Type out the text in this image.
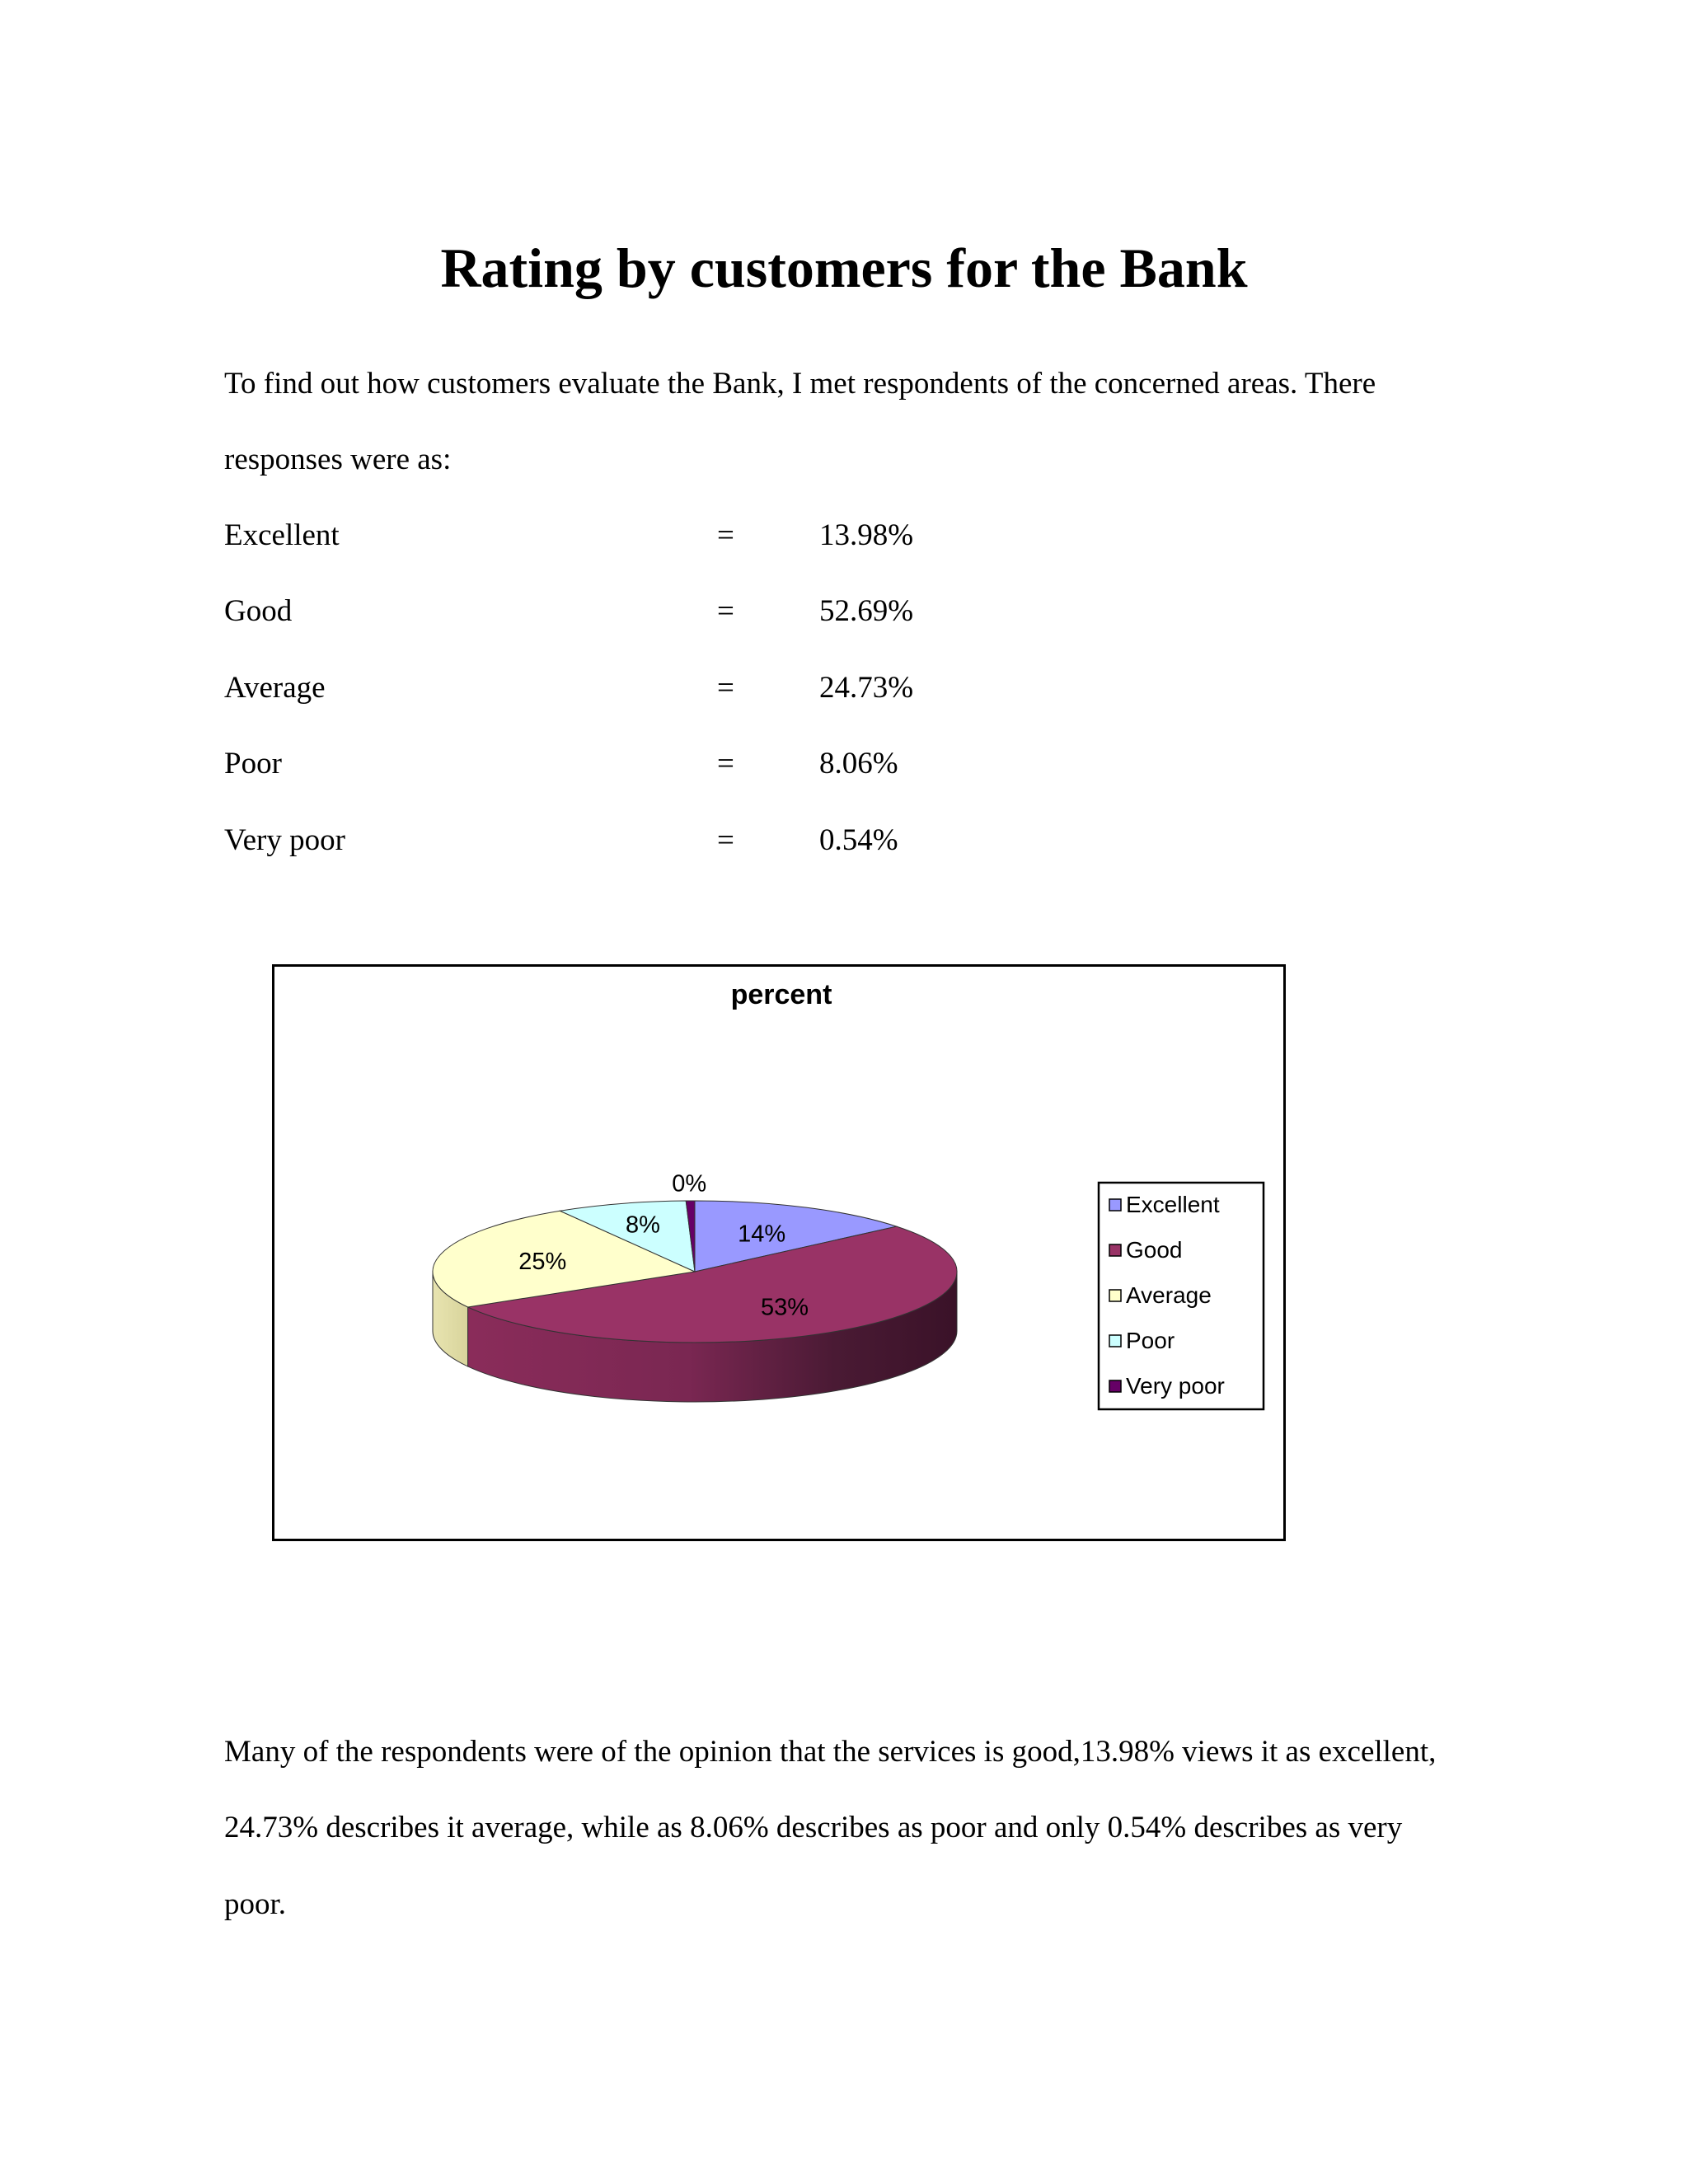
Rating by customers for the Bank

To find out how customers evaluate the Bank, I met respondents of the concerned areas. There

responses were as:

Excellent	=	13.98%
Good	=	52.69%
Average	=	24.73%
Poor	=	8.06%
Very poor	=	0.54%
percent
14%
53%
25%
8%
0%
Excellent
Good
Average
Poor
Very poor

Many of the respondents were of the opinion that the services is good,13.98% views it as excellent,

24.73% describes it average, while as 8.06% describes as poor and only 0.54% describes as very

poor.
